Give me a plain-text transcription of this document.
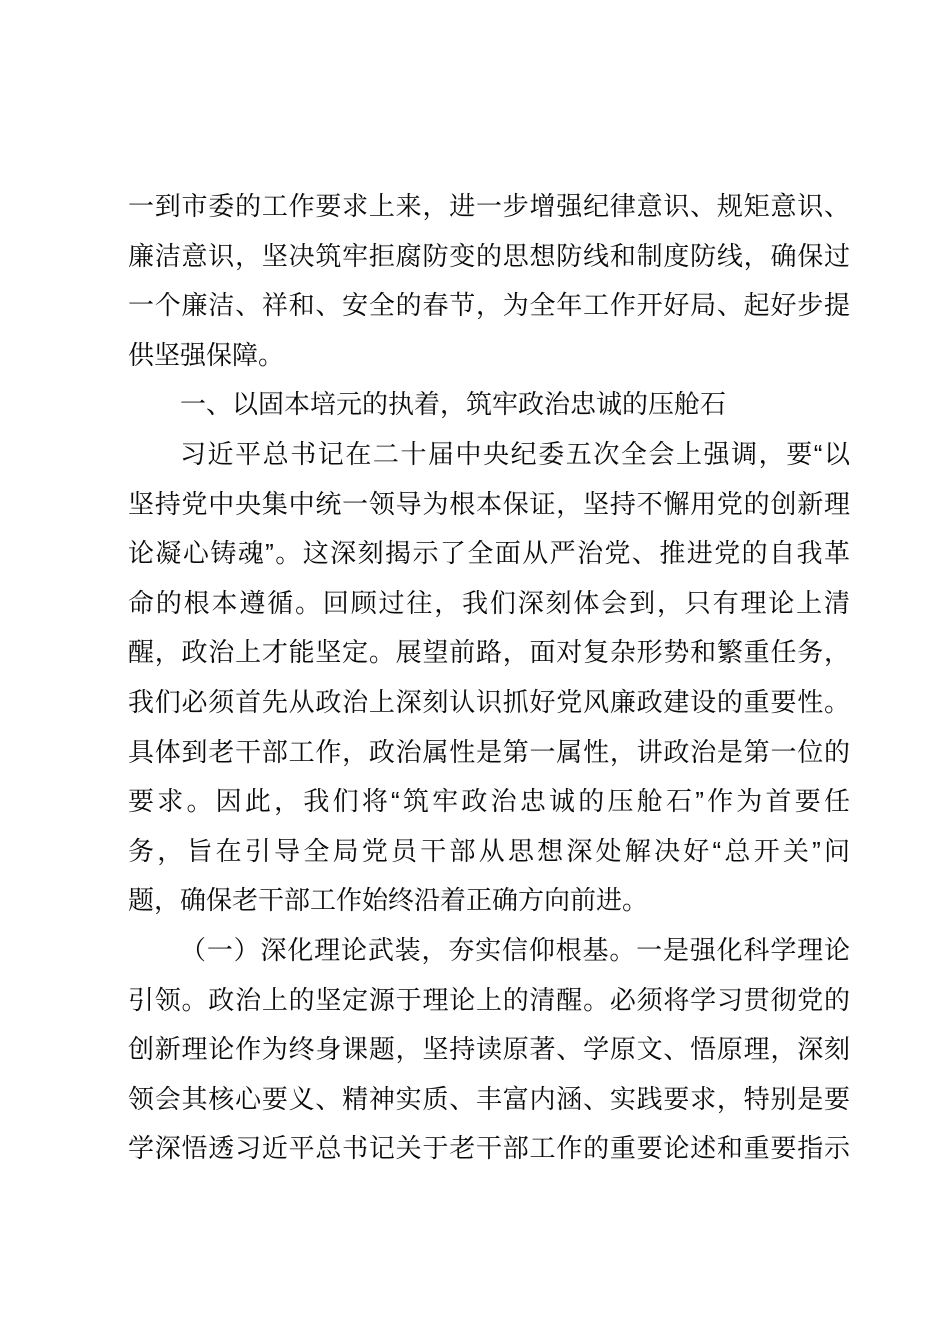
一到市委的工作要求上来，进一步增强纪律意识、规矩意识、
廉洁意识，坚决筑牢拒腐防变的思想防线和制度防线，确保过
一个廉洁、祥和、安全的春节，为全年工作开好局、起好步提
供坚强保障。
一、以固本培元的执着，筑牢政治忠诚的压舱石
习近平总书记在二十届中央纪委五次全会上强调，要“以
坚持党中央集中统一领导为根本保证，坚持不懈用党的创新理
论凝心铸魂”。这深刻揭示了全面从严治党、推进党的自我革
命的根本遵循。回顾过往，我们深刻体会到，只有理论上清
醒，政治上才能坚定。展望前路，面对复杂形势和繁重任务，
我们必须首先从政治上深刻认识抓好党风廉政建设的重要性。
具体到老干部工作，政治属性是第一属性，讲政治是第一位的
要求。因此，我们将“筑牢政治忠诚的压舱石”作为首要任
务，旨在引导全局党员干部从思想深处解决好“总开关”问
题，确保老干部工作始终沿着正确方向前进。
（一）深化理论武装，夯实信仰根基。一是强化科学理论
引领。政治上的坚定源于理论上的清醒。必须将学习贯彻党的
创新理论作为终身课题，坚持读原著、学原文、悟原理，深刻
领会其核心要义、精神实质、丰富内涵、实践要求，特别是要
学深悟透习近平总书记关于老干部工作的重要论述和重要指示
